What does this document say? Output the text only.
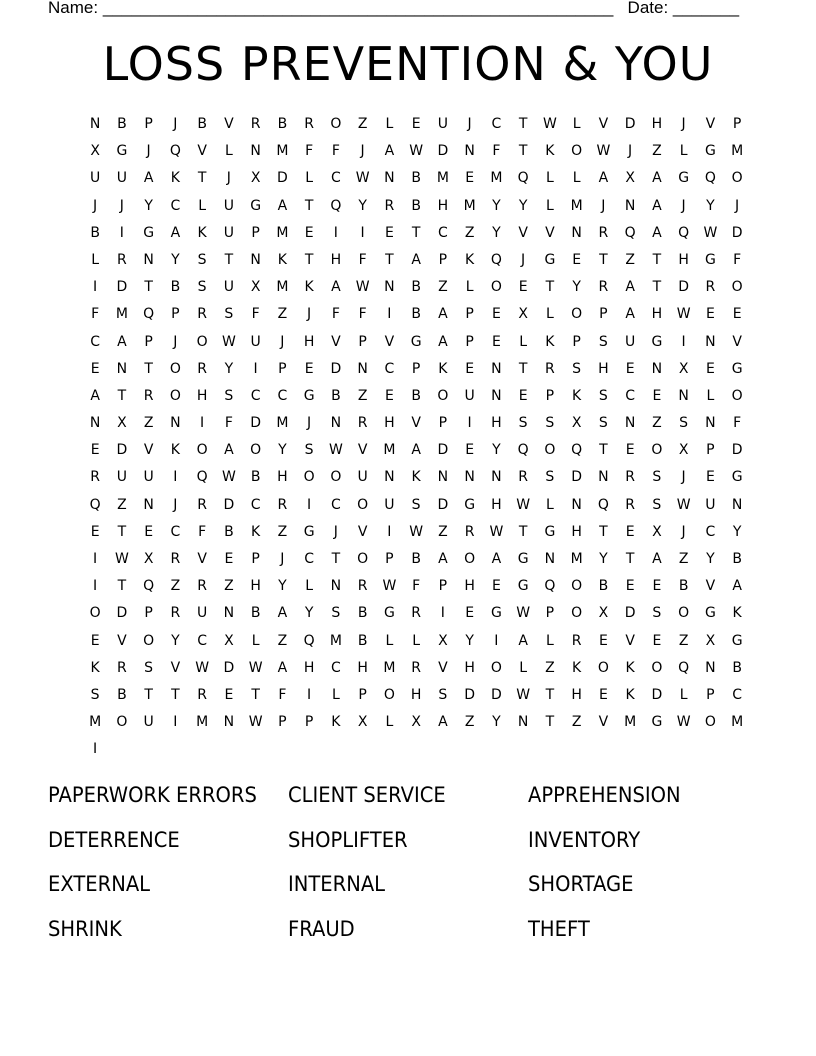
Name: ______________________________________________________ Date: _______
LOSS PREVENTION & YOU
N	B	P	J	B	V	R	B	R	O	Z	L	E	U	J	C	T	W	L	V	D	H	J	V	P
X	G	J	Q	V	L	N	M	F	F	J	A	W D	N	F	T	K	O W	J	Z	L	G	M
U	U	A	K	T	J	X	D	L	C	W	N	B	M	E	M	Q	L	L	A	X	A	G	Q	O
J	J	Y	C	L	U	G	A	T	Q	Y	R	B	H	M	Y	Y	L	M	J	N	A	J	Y	J
B	I	G	A	K	U	P	M	E	I	I	E	T	C	Z	Y	V	V	N	R	Q	A	Q W D
L	R	N	Y	S	T	N	K	T	H	F	T	A	P	K	Q	J	G	E	T	Z	T	H	G	F
I	D	T	B	S	U	X	M	K	A	W	N	B	Z	L	O	E	T	Y	R	A	T	D	R	O
F	M	Q	P	R	S	F	Z	J	F	F	I	B	A	P	E	X	L	O	P	A	H	W	E	E
C	A	P	J	O W	U	J	H	V	P	V	G	A	P	E	L	K	P	S	U	G	I	N	V
E	N	T	O	R	Y	I	P	E	D	N	C	P	K	E	N	T	R	S	H	E	N	X	E	G
A	T	R	O	H	S	C	C	G	B	Z	E	B	O	U	N	E	P	K	S	C	E	N	L	O
N	X	Z	N	I	F	D	M	J	N	R	H	V	P	I	H	S	S	X	S	N	Z	S	N	F
E	D	V	K	O	A	O	Y	S	W	V	M	A	D	E	Y	Q	O	Q	T	E	O	X	P	D
R	U	U	I	Q W	B	H	O	O	U	N	K	N	N	N	R	S	D	N	R	S	J	E	G
Q	Z	N	J	R	D	C	R	I	C	O	U	S	D	G	H	W	L	N	Q	R	S	W	U	N
E	T	E	C	F	B	K	Z	G	J	V	I	W	Z	R	W	T	G	H	T	E	X	J	C	Y
I	W	X	R	V	E	P	J	C	T	O	P	B	A	O	A	G	N	M	Y	T	A	Z	Y	B
I	T	Q	Z	R	Z	H	Y	L	N	R	W	F	P	H	E	G	Q	O	B	E	E	B	V	A
O	D	P	R	U	N	B	A	Y	S	B	G	R	I	E	G W	P	O	X	D	S	O	G	K
E	V	O	Y	C	X	L	Z	Q	M	B	L	L	X	Y	I	A	L	R	E	V	E	Z	X	G
K	R	S	V	W D W	A	H	C	H	M	R	V	H	O	L	Z	K	O	K	O	Q	N	B
S	B	T	T	R	E	T	F	I	L	P	O	H	S	D	D W	T	H	E	K	D	L	P	C
M	O	U	I	M	N	W	P	P	K	X	L	X	A	Z	Y	N	T	Z	V	M	G W O	M
I
PAPERWORK ERRORS	CLIENT SERVICE	APPREHENSION
DETERRENCE	SHOPLIFTER	INVENTORY
EXTERNAL	INTERNAL	SHORTAGE
SHRINK	FRAUD	THEFT
